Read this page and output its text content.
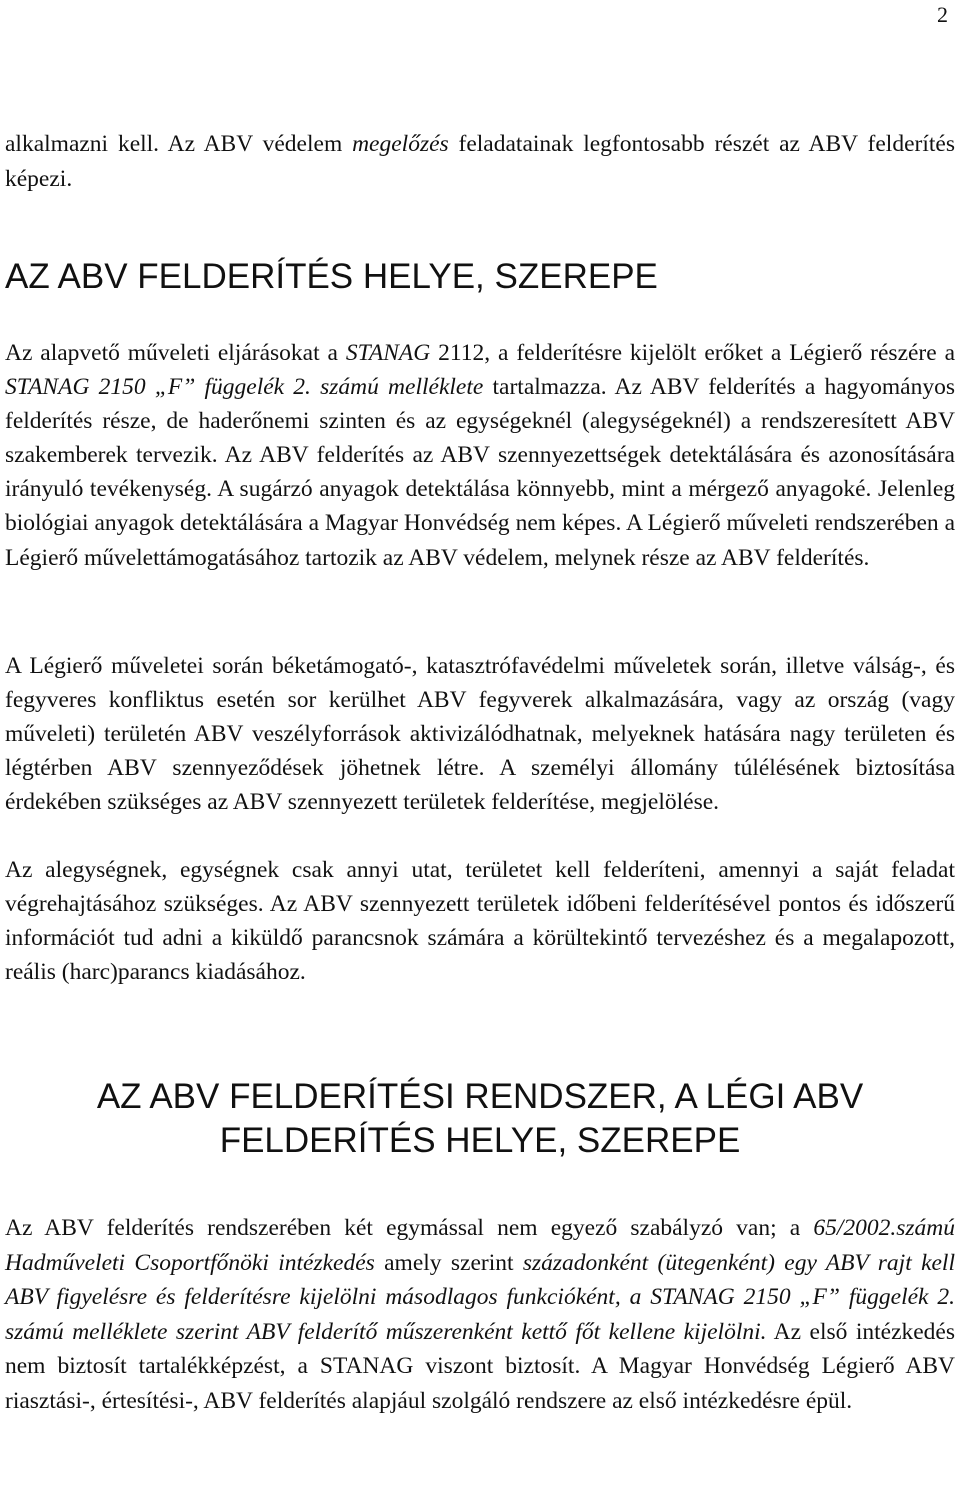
2

alkalmazni kell. Az ABV védelem megelőzés feladatainak legfontosabb részét az ABV felderítés képezi.

AZ ABV FELDERÍTÉS HELYE, SZEREPE

Az alapvető műveleti eljárásokat a STANAG 2112, a felderítésre kijelölt erőket a Légierő részére a STANAG 2150 „F” függelék 2. számú melléklete tartalmazza. Az ABV felderítés a hagyományos felderítés része, de haderőnemi szinten és az egységeknél (alegységeknél) a rendszeresített ABV szakemberek tervezik. Az ABV felderítés az ABV szennyezettségek detektálására és azonosítására irányuló tevékenység. A sugárzó anyagok detektálása könnyebb, mint a mérgező anyagoké. Jelenleg biológiai anyagok detektálására a Magyar Honvédség nem képes. A Légierő műveleti rendszerében a Légierő művelettámogatásához tartozik az ABV védelem, melynek része az ABV felderítés.

A Légierő műveletei során béketámogató-, katasztrófavédelmi műveletek során, illetve válság-, és fegyveres konfliktus esetén sor kerülhet ABV fegyverek alkalmazására, vagy az ország (vagy műveleti) területén ABV veszélyforrások aktivizálódhatnak, melyeknek hatására nagy területen és légtérben ABV szennyeződések jöhetnek létre. A személyi állomány túlélésének biztosítása érdekében szükséges az ABV szennyezett területek felderítése, megjelölése.

Az alegységnek, egységnek csak annyi utat, területet kell felderíteni, amennyi a saját feladat végrehajtásához szükséges. Az ABV szennyezett területek időbeni felderítésével pontos és időszerű információt tud adni a kiküldő parancsnok számára a körültekintő tervezéshez és a megalapozott, reális (harc)parancs kiadásához.

AZ ABV FELDERÍTÉSI RENDSZER, A LÉGI ABV
FELDERÍTÉS HELYE, SZEREPE

Az ABV felderítés rendszerében két egymással nem egyező szabályzó van; a 65/2002.számú Hadműveleti Csoportfőnöki intézkedés amely szerint századonként (ütegenként) egy ABV rajt kell ABV figyelésre és felderítésre kijelölni másodlagos funkcióként, a STANAG 2150 „F” függelék 2. számú melléklete szerint ABV felderítő műszerenként kettő főt kellene kijelölni. Az első intézkedés nem biztosít tartalékképzést, a STANAG viszont biztosít. A Magyar Honvédség Légierő ABV riasztási-, értesítési-, ABV felderítés alapjául szolgáló rendszere az első intézkedésre épül.
